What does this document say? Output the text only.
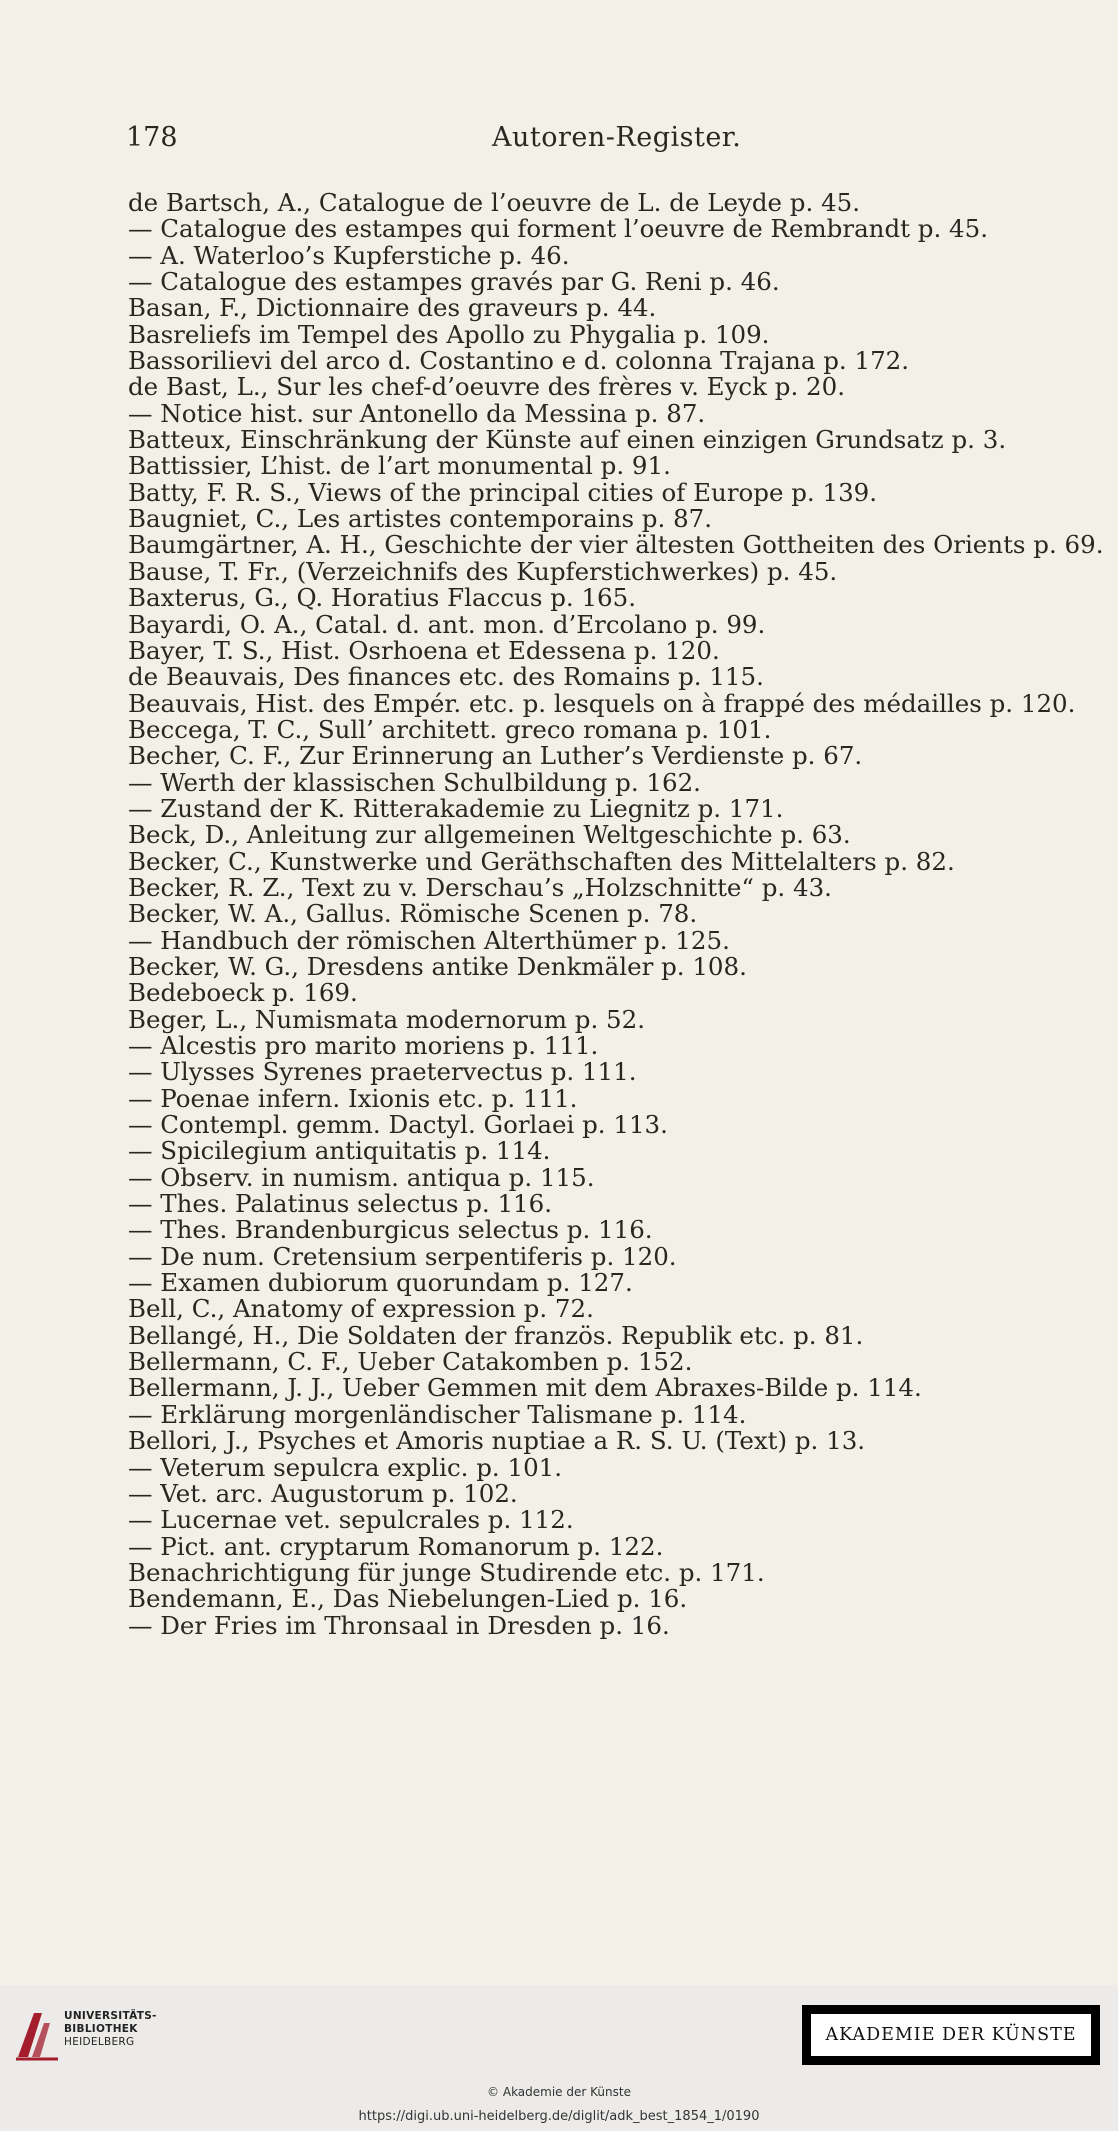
178	Autoren-Register.

de Bartsch, A., Catalogue de l’oeuvre de L. de Leyde p. 45.

— Catalogue des estampes qui forment l’oeuvre de Rembrandt p. 45.

— A. Waterloo’s Kupferstiche p. 46.

— Catalogue des estampes gravés par G. Reni p. 46.

Basan, F., Dictionnaire des graveurs p. 44.

Basreliefs im Tempel des Apollo zu Phygalia p. 109.

Bassorilievi del arco d. Costantino e d. colonna Trajana p. 172.

de Bast, L., Sur les chef-d’oeuvre des frères v. Eyck p. 20.

— Notice hist. sur Antonello da Messina p. 87.

Batteux, Einschränkung der Künste auf einen einzigen Grundsatz p. 3.

Battissier, L’hist. de l’art monumental p. 91.

Batty, F. R. S., Views of the principal cities of Europe p. 139.

Baugniet, C., Les artistes contemporains p. 87.

Baumgärtner, A. H., Geschichte der vier ältesten Gottheiten des Orients p. 69.

Bause, T. Fr., (Verzeichnifs des Kupferstichwerkes) p. 45.

Baxterus, G., Q. Horatius Flaccus p. 165.

Bayardi, O. A., Catal. d. ant. mon. d’Ercolano p. 99.

Bayer, T. S., Hist. Osrhoena et Edessena p. 120.

de Beauvais, Des finances etc. des Romains p. 115.

Beauvais, Hist. des Empér. etc. p. lesquels on à frappé des médailles p. 120.

Beccega, T. C., Sull’ architett. greco romana p. 101.

Becher, C. F., Zur Erinnerung an Luther’s Verdienste p. 67.

— Werth der klassischen Schulbildung p. 162.

— Zustand der K. Ritterakademie zu Liegnitz p. 171.

Beck, D., Anleitung zur allgemeinen Weltgeschichte p. 63.

Becker, C., Kunstwerke und Geräthschaften des Mittelalters p. 82.

Becker, R. Z., Text zu v. Derschau’s „Holzschnitte“ p. 43.

Becker, W. A., Gallus. Römische Scenen p. 78.

— Handbuch der römischen Alterthümer p. 125.

Becker, W. G., Dresdens antike Denkmäler p. 108.

Bedeboeck p. 169.

Beger, L., Numismata modernorum p. 52.

— Alcestis pro marito moriens p. 111.

— Ulysses Syrenes praetervectus p. 111.

— Poenae infern. Ixionis etc. p. 111.

— Contempl. gemm. Dactyl. Gorlaei p. 113.

— Spicilegium antiquitatis p. 114.

— Observ. in numism. antiqua p. 115.

— Thes. Palatinus selectus p. 116.

— Thes. Brandenburgicus selectus p. 116.

— De num. Cretensium serpentiferis p. 120.

— Examen dubiorum quorundam p. 127.

Bell, C., Anatomy of expression p. 72.

Bellangé, H., Die Soldaten der französ. Republik etc. p. 81.

Bellermann, C. F., Ueber Catakomben p. 152.

Bellermann, J. J., Ueber Gemmen mit dem Abraxes-Bilde p. 114.

— Erklärung morgenländischer Talismane p. 114.

Bellori, J., Psyches et Amoris nuptiae a R. S. U. (Text) p. 13.

— Veterum sepulcra explic. p. 101.

— Vet. arc. Augustorum p. 102.

— Lucernae vet. sepulcrales p. 112.

— Pict. ant. cryptarum Romanorum p. 122.

Benachrichtigung für junge Studirende etc. p. 171.

Bendemann, E., Das Niebelungen-Lied p. 16.

— Der Fries im Thronsaal in Dresden p. 16.

UNIVERSITÄTS-
BIBLIOTHEK
HEIDELBERG	AKADEMIE DER KÜNSTE
© Akademie der Künste
https://digi.ub.uni-heidelberg.de/diglit/adk_best_1854_1/0190
